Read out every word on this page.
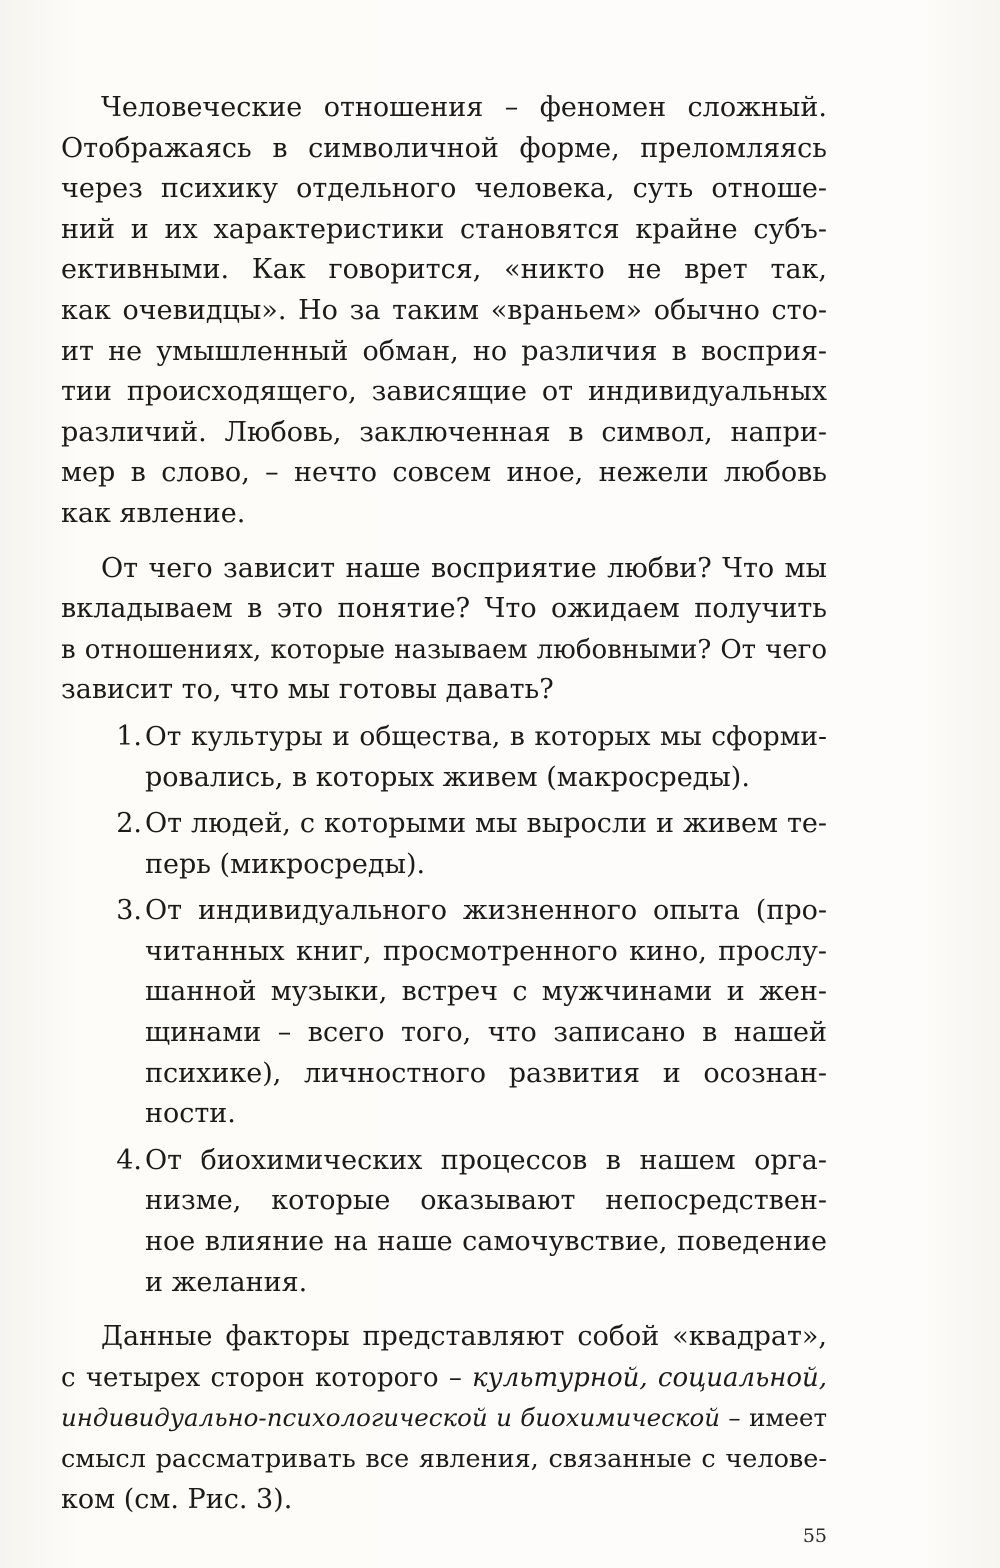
Человеческие отношения – феномен сложный.
Отображаясь в символичной форме, преломляясь
через психику отдельного человека, суть отноше-
ний и их характеристики становятся крайне субъ-
ективными. Как говорится, «никто не врет так,
как очевидцы». Но за таким «враньем» обычно сто-
ит не умышленный обман, но различия в восприя-
тии происходящего, зависящие от индивидуальных
различий. Любовь, заключенная в символ, напри-
мер в слово, – нечто совсем иное, нежели любовь
как явление.
От чего зависит наше восприятие любви? Что мы
вкладываем в это понятие? Что ожидаем получить
в отношениях, которые называем любовными? От чего
зависит то, что мы готовы давать?
1. От культуры и общества, в которых мы сформи-
ровались, в которых живем (макросреды).
2. От людей, с которыми мы выросли и живем те-
перь (микросреды).
3. От индивидуального жизненного опыта (про-
читанных книг, просмотренного кино, прослу-
шанной музыки, встреч с мужчинами и жен-
щинами – всего того, что записано в нашей
психике), личностного развития и осознан-
ности.
4. От биохимических процессов в нашем орга-
низме, которые оказывают непосредствен-
ное влияние на наше самочувствие, поведение
и желания.
Данные факторы представляют собой «квадрат»,
с четырех сторон которого – культурной, социальной,
индивидуально-психологической и биохимической – имеет
смысл рассматривать все явления, связанные с челове-
ком (см. Рис. 3).
55
